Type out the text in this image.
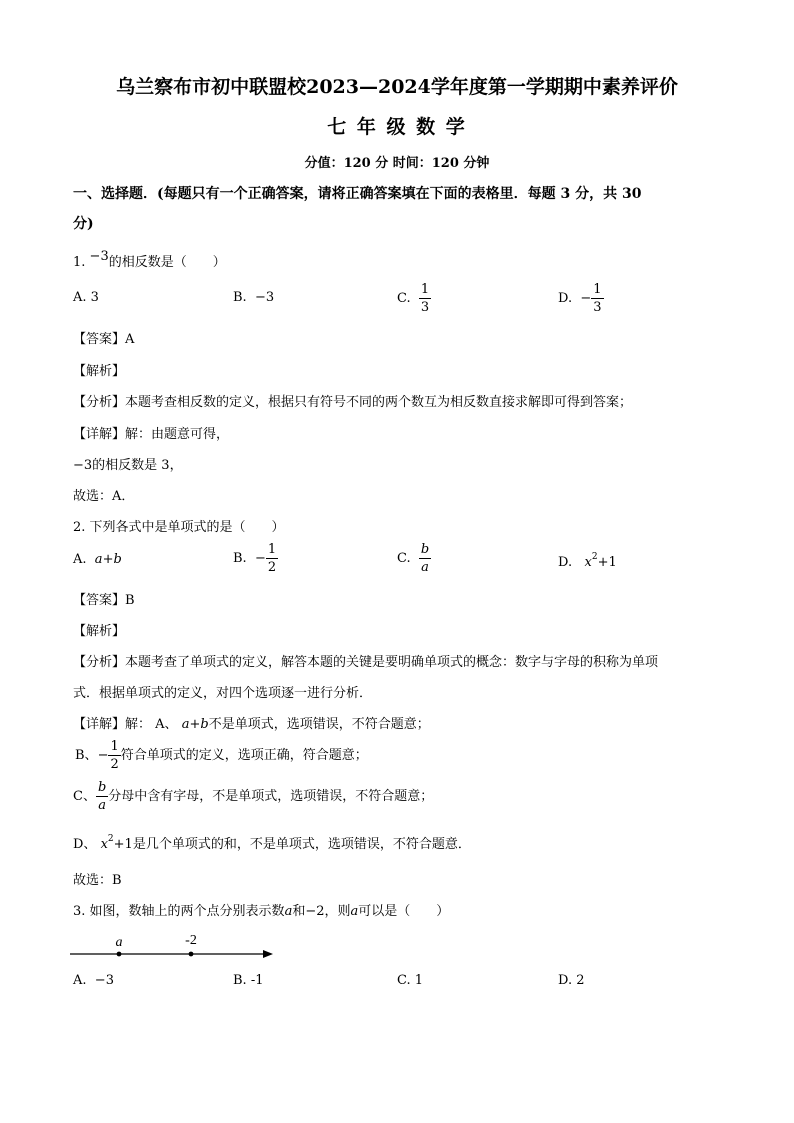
乌兰察布市初中联盟校2023—2024学年度第一学期期中素养评价
七 年 级 数 学
分值：120 分 时间：120 分钟
一、选择题．(每题只有一个正确答案，请将正确答案填在下面的表格里．每题 3 分，共 30
分)
1. −3的相反数是（　　）
A. 3	B. −3	C. $\frac{1}{3}$	D. − $\frac{1}{3}$
【答案】A
【解析】
【分析】本题考查相反数的定义，根据只有符号不同的两个数互为相反数直接求解即可得到答案；
【详解】解：由题意可得，
−3的相反数是 3，
故选：A．
2. 下列各式中是单项式的是（　　）
A. a+b	B. − $\frac{1}{2}$	C. $\frac{b}{a}$	D. $x^2+1$
【答案】B
【解析】
【分析】本题考查了单项式的定义，解答本题的关键是要明确单项式的概念：数字与字母的积称为单项
式．根据单项式的定义，对四个选项逐一进行分析．
【详解】解： A、 a+b不是单项式，选项错误，不符合题意；
B、− $\frac{1}{2}$ 符合单项式的定义，选项正确，符合题意；
C、 $\frac{b}{a}$ 分母中含有字母，不是单项式，选项错误，不符合题意；
D、 $x^2+1$是几个单项式的和，不是单项式，选项错误，不符合题意．
故选：B
3. 如图，数轴上的两个点分别表示数a和−2，则a可以是（　　）
a	-2
A. −3	B. -1	C. 1	D. 2
